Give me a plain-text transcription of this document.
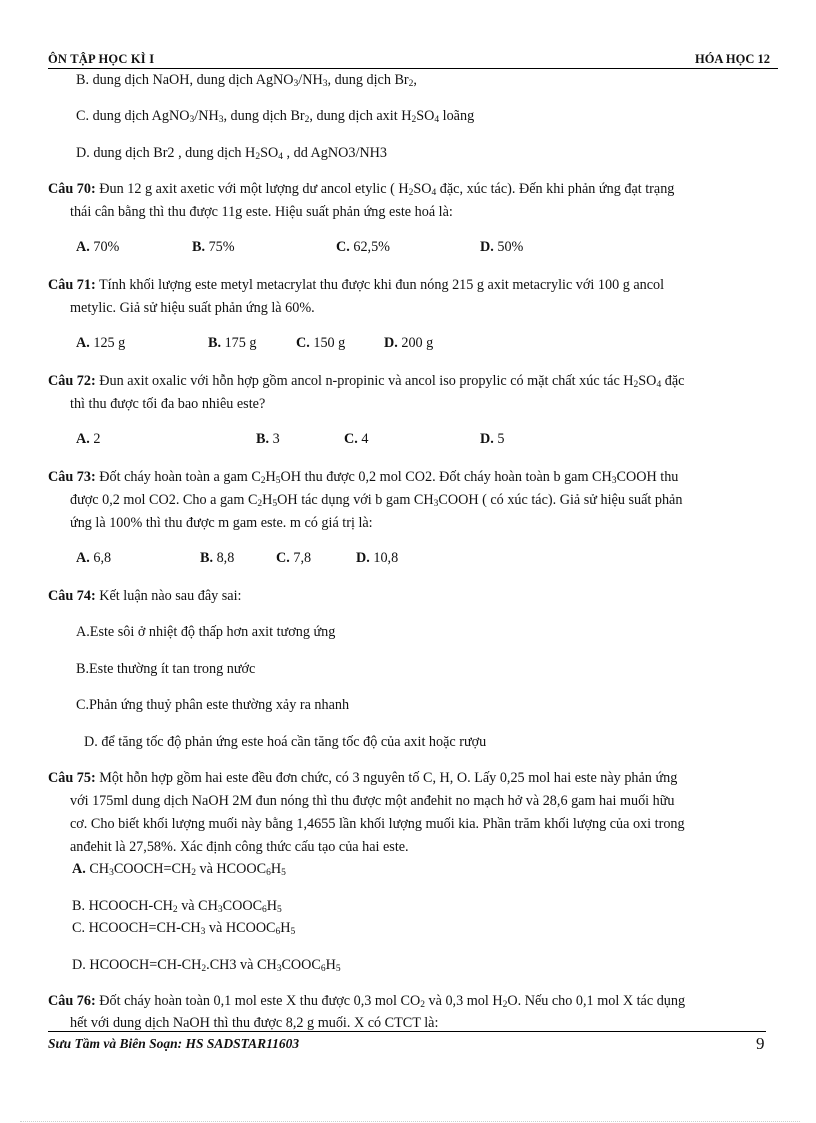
ÔN TẬP HỌC KÌ I	HÓA HỌC 12
B. dung dịch NaOH, dung dịch $AgNO_3/NH_3$, dung dịch $Br_2$,
C. dung dịch $AgNO_3/NH_3$, dung dịch $Br_2$, dung dịch axit $H_2SO_4$ loãng
D. dung dịch Br2 , dung dịch $H_2SO_4$ , dd AgNO3/NH3
Câu 70: Đun 12 g axit axetic với một lượng dư ancol etylic ( $H_2SO_4$ đặc, xúc tác). Đến khi phản ứng đạt trạng
thái cân bằng thì thu được 11g este. Hiệu suất phản ứng este hoá là:
A. 70%	B. 75%	C. 62,5%	D. 50%
Câu 71: Tính khối lượng este metyl metacrylat thu được khi đun nóng 215 g axit metacrylic với 100 g ancol
metylic. Giả sử hiệu suất phản ứng là 60%.
A. 125 g	B. 175 g	C. 150 g	D. 200 g
Câu 72: Đun axit oxalic với hỗn hợp gồm ancol n-propinic và ancol iso propylic có mặt chất xúc tác $H_2SO_4$ đặc
thì thu được tối đa bao nhiêu este?
A. 2	B. 3	C. 4	D. 5
Câu 73: Đốt cháy hoàn toàn a gam $C_2H_5OH$ thu được 0,2 mol CO2. Đốt cháy hoàn toàn b gam $CH_3COOH$ thu
được 0,2 mol CO2. Cho a gam $C_2H_5OH$ tác dụng với b gam $CH_3COOH$ ( có xúc tác). Giả sử hiệu suất phản
ứng là 100% thì thu được m gam este. m có giá trị là:
A. 6,8	B. 8,8	C. 7,8	D. 10,8
Câu 74: Kết luận nào sau đây sai:
A.Este sôi ở nhiệt độ thấp hơn axit tương ứng
B.Este thường ít tan trong nước
C.Phản ứng thuỷ phân este thường xảy ra nhanh
D. để tăng tốc độ phản ứng este hoá cần tăng tốc độ của axit hoặc rượu
Câu 75: Một hỗn hợp gồm hai este đều đơn chức, có 3 nguyên tố C, H, O. Lấy 0,25 mol hai este này phản ứng
với 175ml dung dịch NaOH 2M đun nóng thì thu được một anđehit no mạch hở và 28,6 gam hai muối hữu
cơ. Cho biết khối lượng muối này bằng 1,4655 lần khối lượng muối kia. Phần trăm khối lượng của oxi trong
anđehit là 27,58%. Xác định công thức cấu tạo của hai este.
A. $CH_3COOCH=CH_2$ và $HCOOC_6H_5$
B. HCOOCH-$CH_2$ và $CH_3COOC_6H_5$
C. $HCOOCH=CH-CH_3$ và $HCOOC_6H_5$
D. $HCOOCH=CH-CH_2.CH3$ và $CH_3COOC_6H_5$
Câu 76: Đốt cháy hoàn toàn 0,1 mol este X thu được 0,3 mol $CO_2$ và 0,3 mol $H_2O$. Nếu cho 0,1 mol X tác dụng
hết với dung dịch NaOH thì thu được 8,2 g muối. X có CTCT là:
Sưu Tầm và Biên Soạn: HS SADSTAR11603	9
